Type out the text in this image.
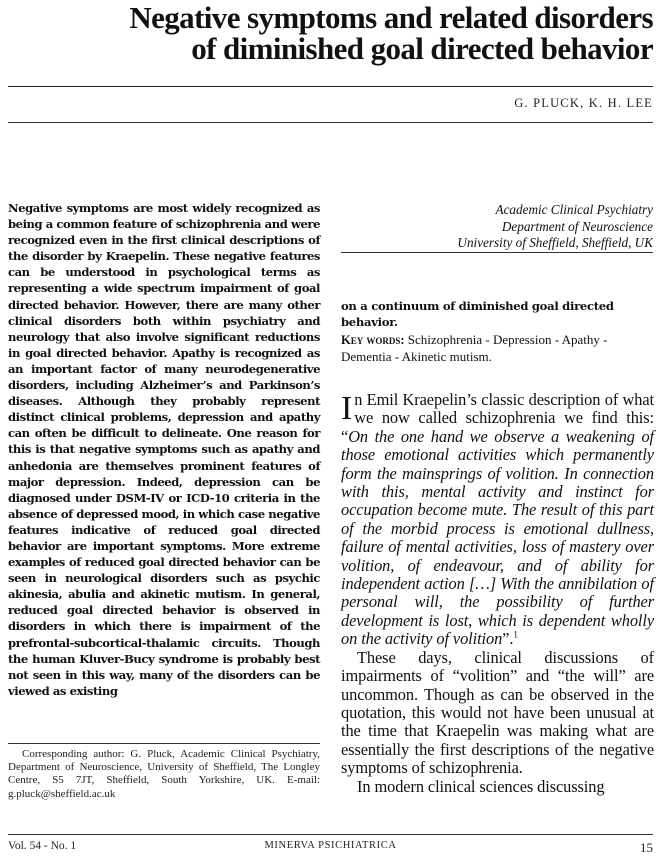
Negative symptoms and related disorders
of diminished goal directed behavior
G. PLUCK, K. H. LEE

Negative symptoms are most widely recognized as being a common feature of schizophrenia and were recognized even in the first clinical descriptions of the disorder by Kraepelin. These negative features can be understood in psychological terms as representing a wide spectrum impairment of goal directed behavior. However, there are many other clinical disorders both within psychiatry and neurology that also involve significant reductions in goal directed behavior. Apathy is recognized as an important factor of many neurodegenerative disorders, including Alzheimer’s and Parkinson’s diseases. Although they probably represent distinct clinical problems, depression and apathy can often be difficult to delineate. One reason for this is that negative symptoms such as apathy and anhedonia are themselves prominent features of major depression. Indeed, depression can be diagnosed under DSM-IV or ICD-10 criteria in the absence of depressed mood, in which case negative features indicative of reduced goal directed behavior are important symptoms. More extreme examples of reduced goal directed behavior can be seen in neurological disorders such as psychic akinesia, abulia and akinetic mutism. In general, reduced goal directed behavior is observed in disorders in which there is impairment of the prefrontal-subcortical-thalamic circuits. Though the human Kluver-Bucy syndrome is probably best not seen in this way, many of the disorders can be viewed as existing

Academic Clinical Psychiatry
Department of Neuroscience
University of Sheffield, Sheffield, UK

on a continuum of diminished goal directed behavior.

Key words: Schizophrenia - Depression - Apathy - Dementia - Akinetic mutism.

In Emil Kraepelin’s classic description of what we now called schizophrenia we find this: “On the one hand we observe a weakening of those emotional activities which permanently form the mainsprings of volition. In connection with this, mental activity and instinct for occupation become mute. The result of this part of the morbid process is emotional dullness, failure of mental activities, loss of mastery over volition, of endeavour, and of ability for independent action […] With the annibilation of personal will, the possibility of further development is lost, which is dependent wholly on the activity of volition”.$^1$

These days, clinical discussions of impairments of “volition” and “the will” are uncommon. Though as can be observed in the quotation, this would not have been unusual at the time that Kraepelin was making what are essentially the first descriptions of the negative symptoms of schizophrenia.

In modern clinical sciences discussing

Corresponding author: G. Pluck, Academic Clinical Psychiatry, Department of Neuroscience, University of Sheffield, The Longley Centre, S5 7JT, Sheffield, South Yorkshire, UK. E-mail: g.pluck@sheffield.ac.uk

Vol. 54 - No. 1	MINERVA PSICHIATRICA	15
